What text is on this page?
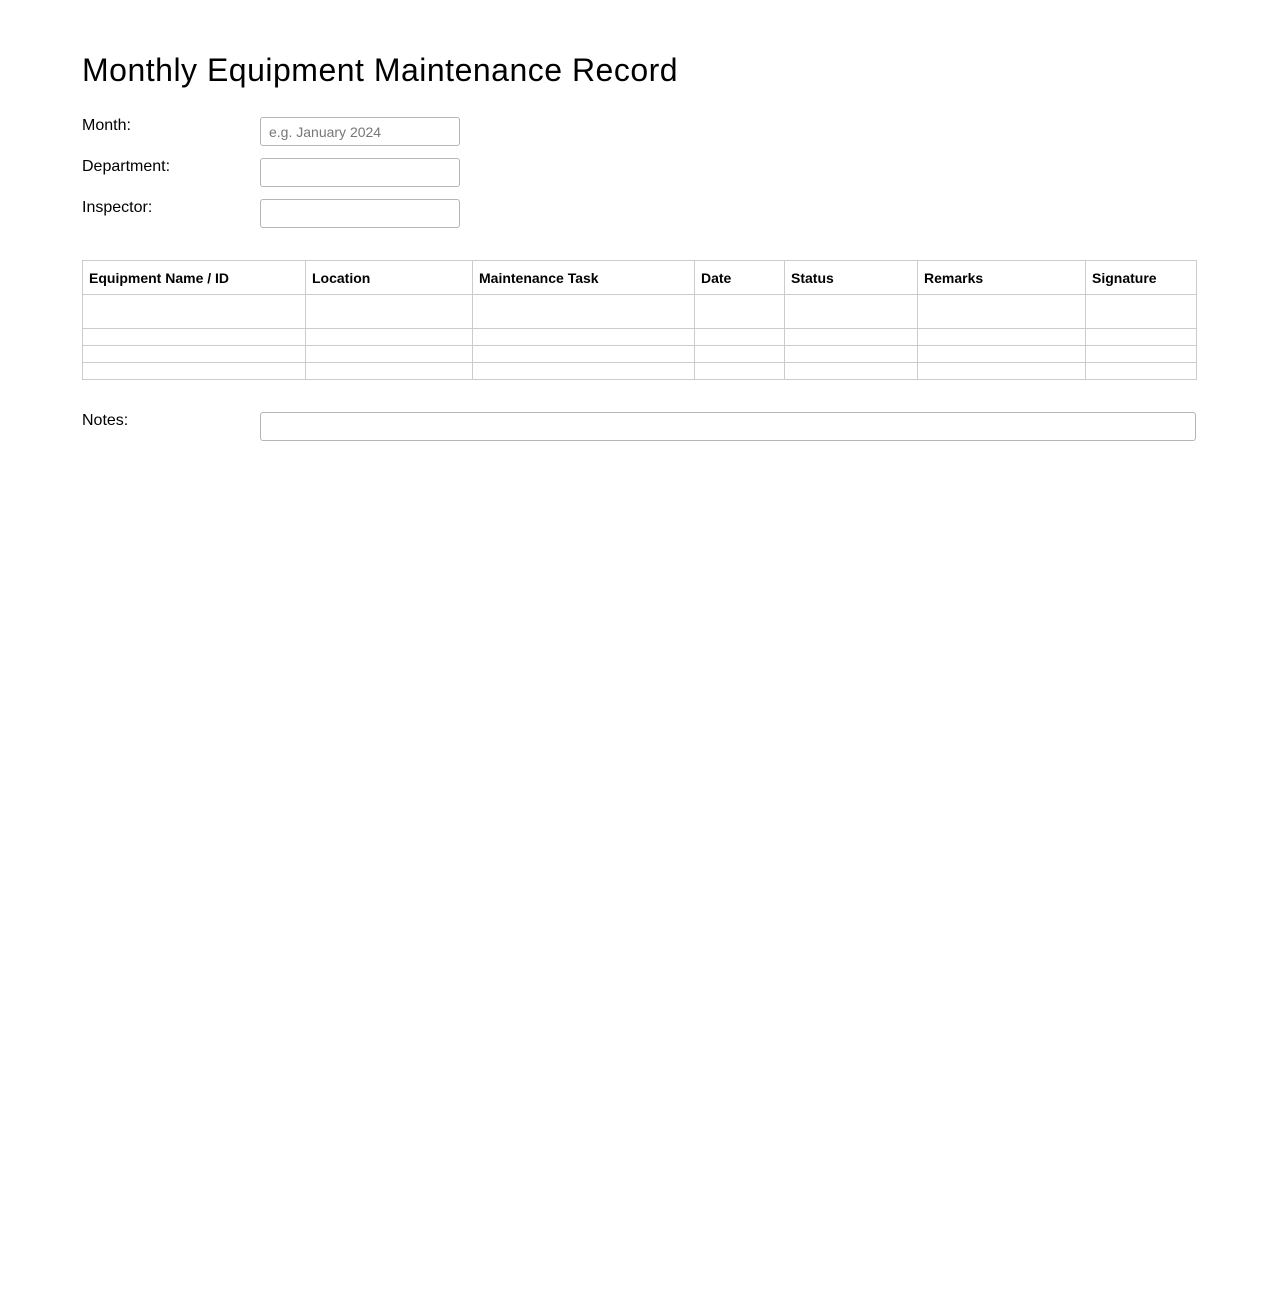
Monthly Equipment Maintenance Record
Month:
e.g. January 2024
Department:
Inspector:
Equipment Name / ID	Location	Maintenance Task	Date	Status	Remarks	Signature

Notes:
